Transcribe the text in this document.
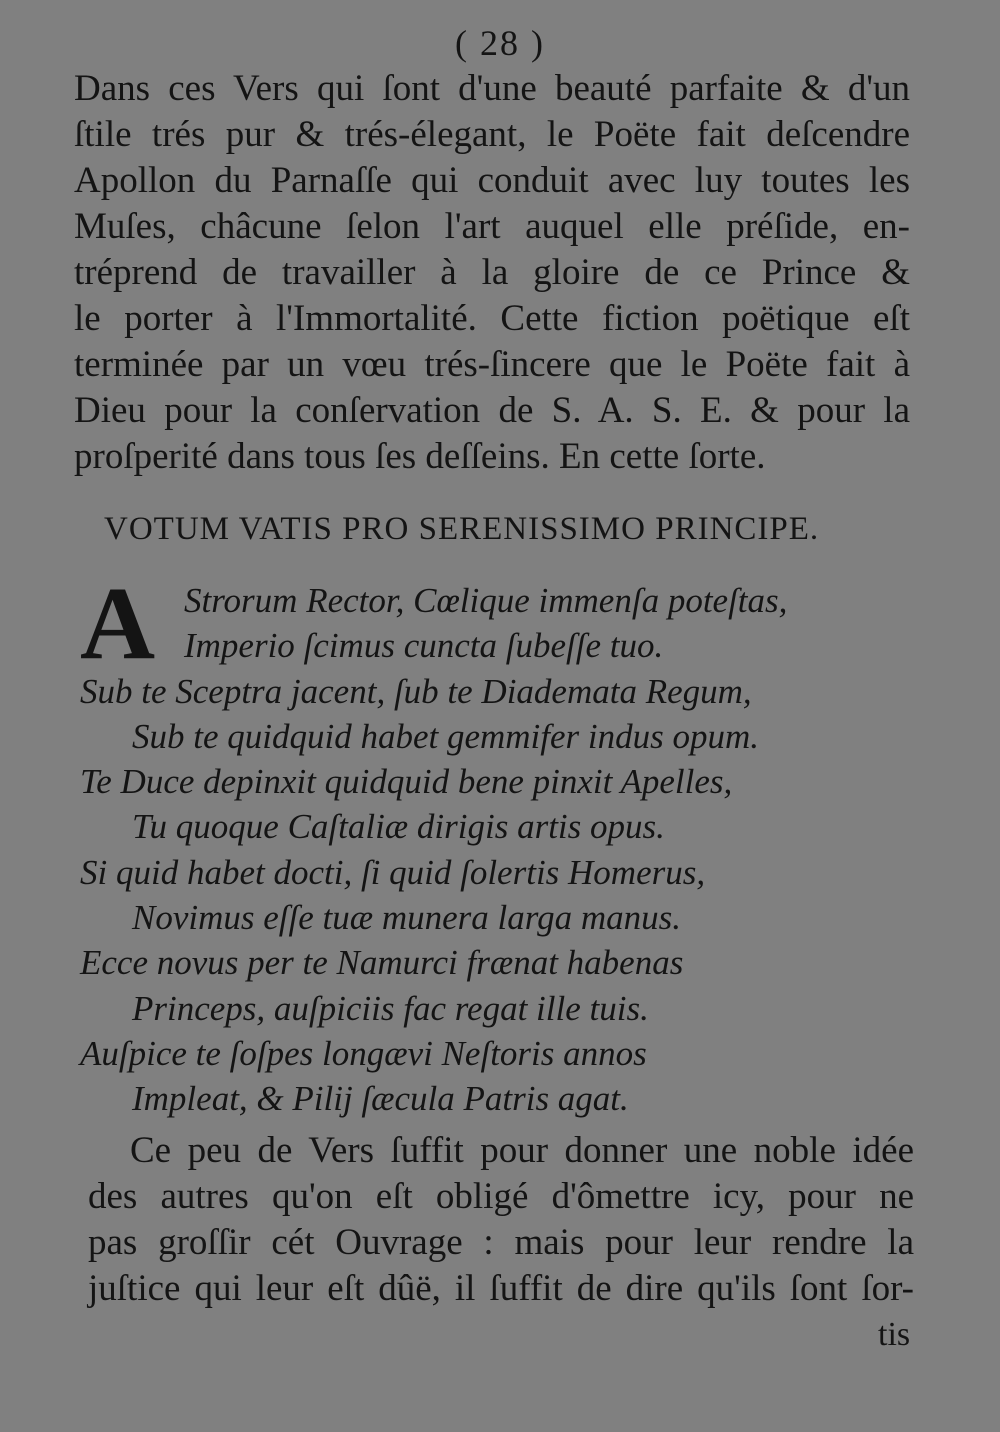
( 28 )
Dans ces Vers qui ſont d'une beauté parfaite & d'un
ſtile trés pur & trés-élegant, le Poëte fait deſcendre
Apollon du Parnaſſe qui conduit avec luy toutes les
Muſes, châcune ſelon l'art auquel elle préſide, en-
tréprend de travailler à la gloire de ce Prince &
le porter à l'Immortalité. Cette fiction poëtique eſt
terminée par un vœu trés-ſincere que le Poëte fait à
Dieu pour la conſervation de S. A. S. E. & pour la
proſperité dans tous ſes deſſeins. En cette ſorte.
VOTUM VATIS PRO SERENISSIMO PRINCIPE.
A Strorum Rector, Cœlique immenſa poteſtas,
Imperio ſcimus cuncta ſubeſſe tuo.
Sub te Sceptra jacent, ſub te Diademata Regum,
Sub te quidquid habet gemmifer indus opum.
Te Duce depinxit quidquid bene pinxit Apelles,
Tu quoque Caſtaliæ dirigis artis opus.
Si quid habet docti, ſi quid ſolertis Homerus,
Novimus eſſe tuæ munera larga manus.
Ecce novus per te Namurci frænat habenas
Princeps, auſpiciis fac regat ille tuis.
Auſpice te ſoſpes longævi Neſtoris annos
Impleat, & Pilij ſæcula Patris agat.
Ce peu de Vers ſuffit pour donner une noble idée
des autres qu'on eſt obligé d'ômettre icy, pour ne
pas groſſir cét Ouvrage : mais pour leur rendre la
juſtice qui leur eſt dûë, il ſuffit de dire qu'ils ſont ſor-
tis
